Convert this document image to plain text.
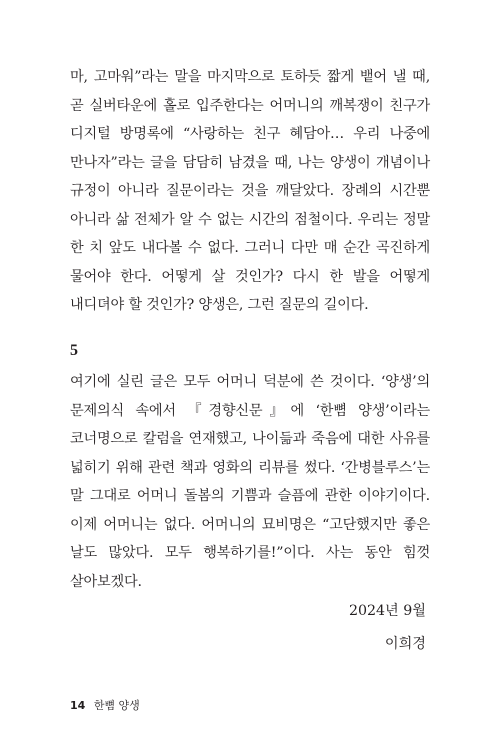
마, 고마워”라는 말을 마지막으로 토하듯 짧게 뱉어 낼 때, 곧 실버타운에 홀로 입주한다는 어머니의 깨복쟁이 친구가 디지털 방명록에 “사랑하는 친구 혜담아… 우리 나중에 만나자”라는 글을 담담히 남겼을 때, 나는 양생이 개념이나 규정이 아니라 질문이라는 것을 깨달았다. 장례의 시간뿐 아니라 삶 전체가 알 수 없는 시간의 점철이다. 우리는 정말 한 치 앞도 내다볼 수 없다. 그러니 다만 매 순간 곡진하게 물어야 한다. 어떻게 살 것인가? 다시 한 발을 어떻게 내디뎌야 할 것인가? 양생은, 그런 질문의 길이다.

5

여기에 실린 글은 모두 어머니 덕분에 쓴 것이다. ‘양생’의 문제의식 속에서 『경향신문』에 ‘한뼘 양생’이라는 코너명으로 칼럼을 연재했고, 나이듦과 죽음에 대한 사유를 넓히기 위해 관련 책과 영화의 리뷰를 썼다. ‘간병블루스’는 말 그대로 어머니 돌봄의 기쁨과 슬픔에 관한 이야기이다. 이제 어머니는 없다. 어머니의 묘비명은 “고단했지만 좋은 날도 많았다. 모두 행복하기를!”이다. 사는 동안 힘껏 살아보겠다.

2024년 9월
이희경
14 한뼘 양생
